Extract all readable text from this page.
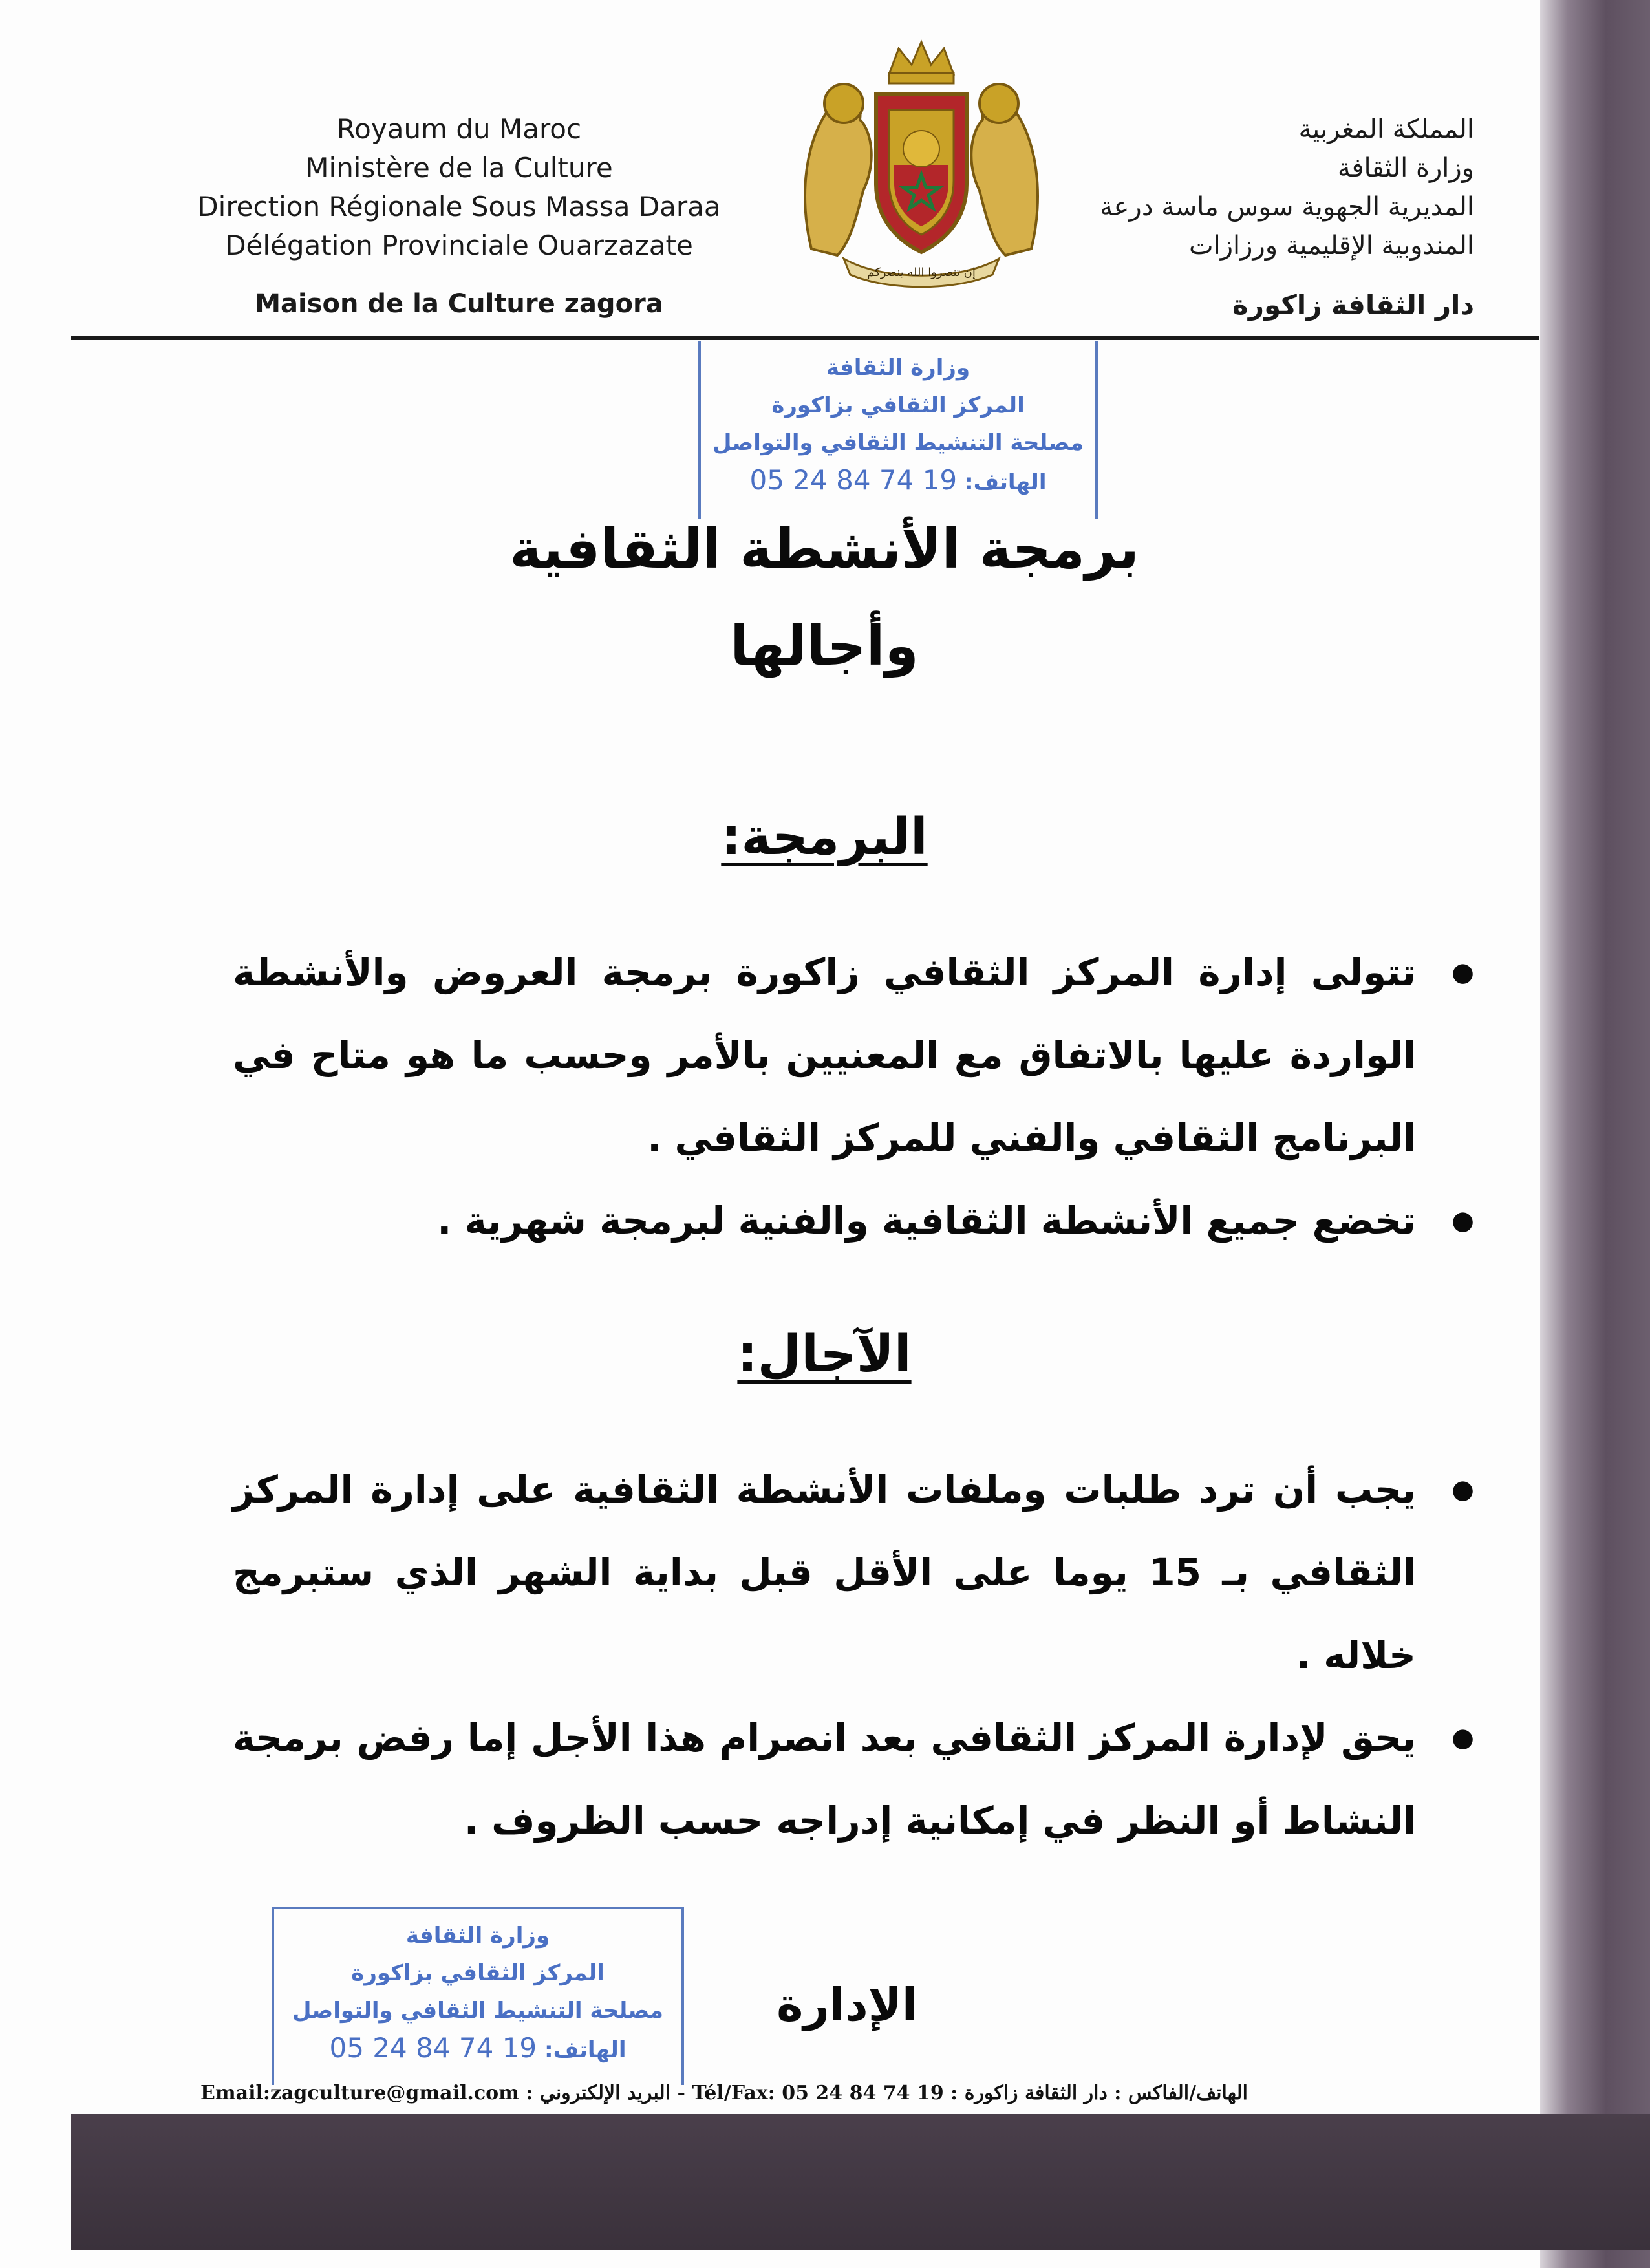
Royaum du Maroc
Ministère de la Culture
Direction Régionale Sous Massa Daraa
Délégation Provinciale Ouarzazate
Maison de la Culture zagora
إن تنصروا الله ينصركم
المملكة المغربية
وزارة الثقافة
المديرية الجهوية سوس ماسة درعة
المندوبية الإقليمية ورزازات
دار الثقافة زاكورة
وزارة الثقافة
المركز الثقافي بزاكورة
مصلحة التنشيط الثقافي والتواصل
الهاتف: 05 24 84 74 19
برمجة الأنشطة الثقافية
وأجالها
البرمجة:
● تتولى إدارة المركز الثقافي زاكورة برمجة العروض والأنشطة الواردة عليها بالاتفاق مع المعنيين بالأمر وحسب ما هو متاح في البرنامج الثقافي والفني للمركز الثقافي .
● تخضع جميع الأنشطة الثقافية والفنية لبرمجة شهرية .
الآجال:
● يجب أن ترد طلبات وملفات الأنشطة الثقافية على إدارة المركز الثقافي بـ 15 يوما على الأقل قبل بداية الشهر الذي ستبرمج خلاله .
● يحق لإدارة المركز الثقافي بعد انصرام هذا الأجل إما رفض برمجة النشاط أو النظر في إمكانية إدراجه حسب الظروف .
وزارة الثقافة
المركز الثقافي بزاكورة
مصلحة التنشيط الثقافي والتواصل
الهاتف: 05 24 84 74 19
الإدارة
Email:zagculture@gmail.com : البريد الإلكتروني - Tél/Fax: 05 24 84 74 19 : الهاتف/الفاكس : دار الثقافة زاكورة
